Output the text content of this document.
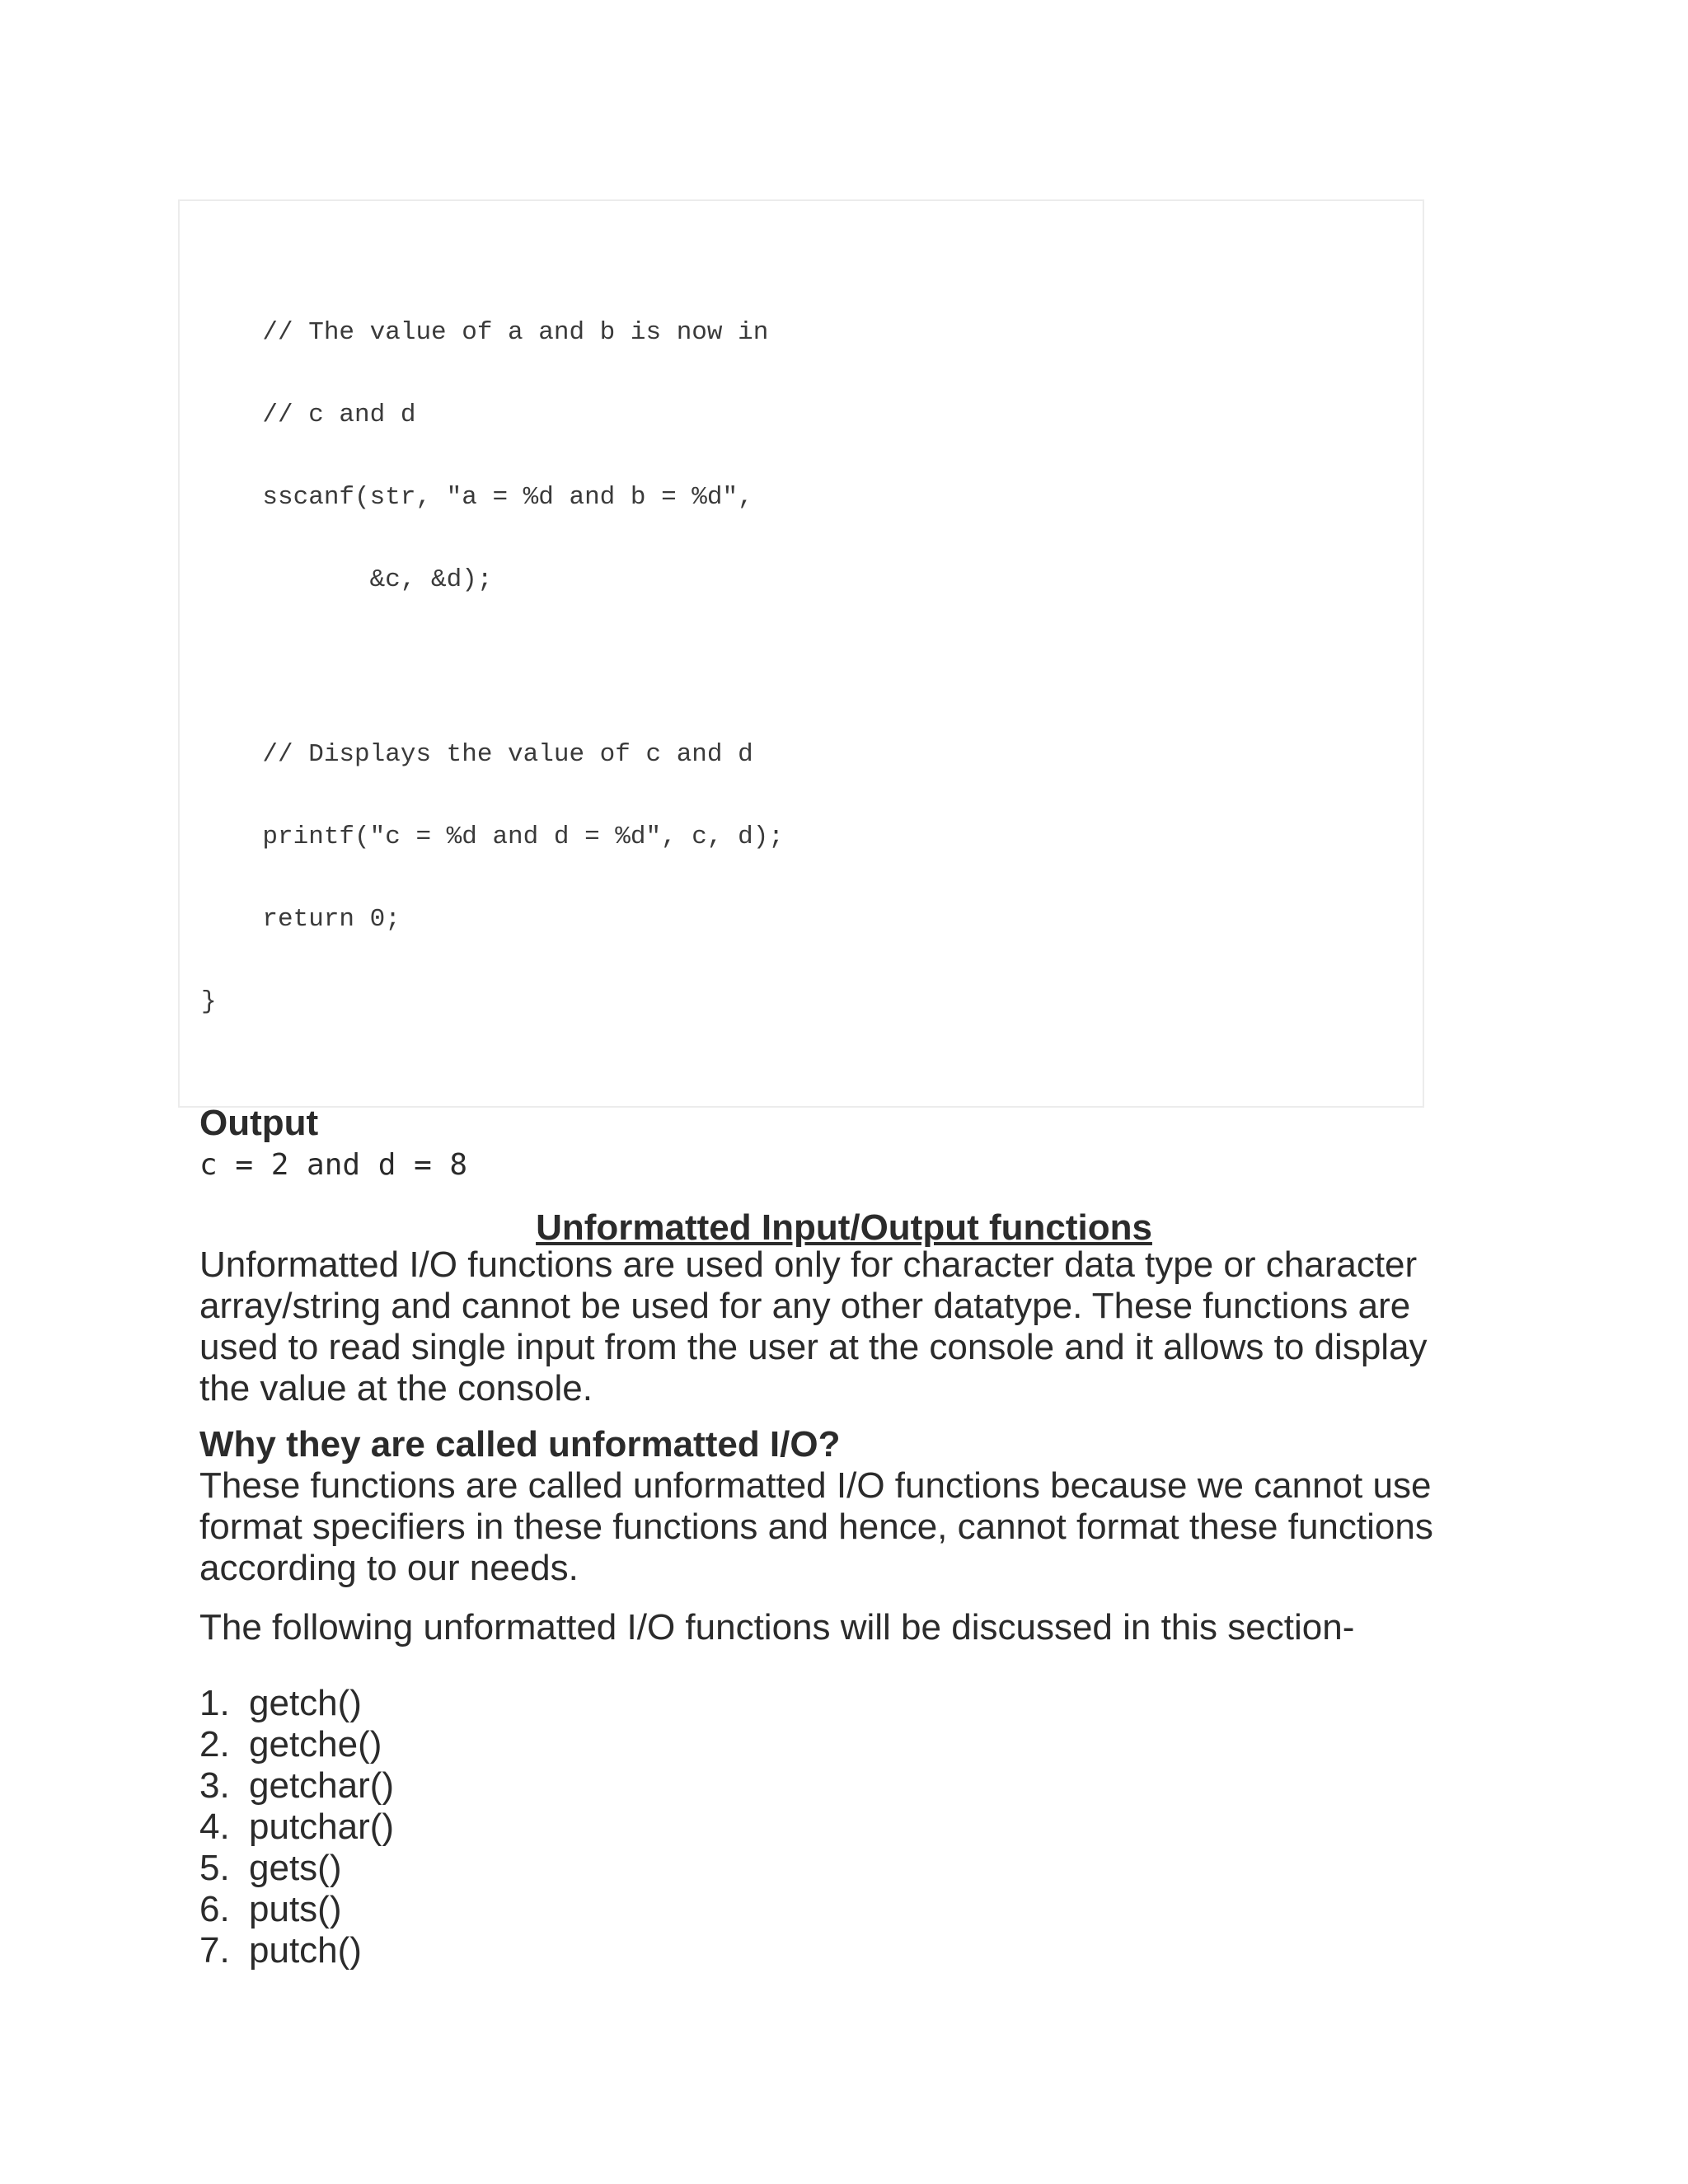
// The value of a and b is now in
// c and d
sscanf(str, "a = %d and b = %d",
&c, &d);
// Displays the value of c and d
printf("c = %d and d = %d", c, d);
return 0;
}
Output
c = 2 and d = 8
Unformatted Input/Output functions

Unformatted I/O functions are used only for character data type or character array/string and cannot be used for any other datatype. These functions are used to read single input from the user at the console and it allows to display the value at the console.

Why they are called unformatted I/O?

These functions are called unformatted I/O functions because we cannot use format specifiers in these functions and hence, cannot format these functions according to our needs.

The following unformatted I/O functions will be discussed in this section-

1. getch()
2. getche()
3. getchar()
4. putchar()
5. gets()
6. puts()
7. putch()
